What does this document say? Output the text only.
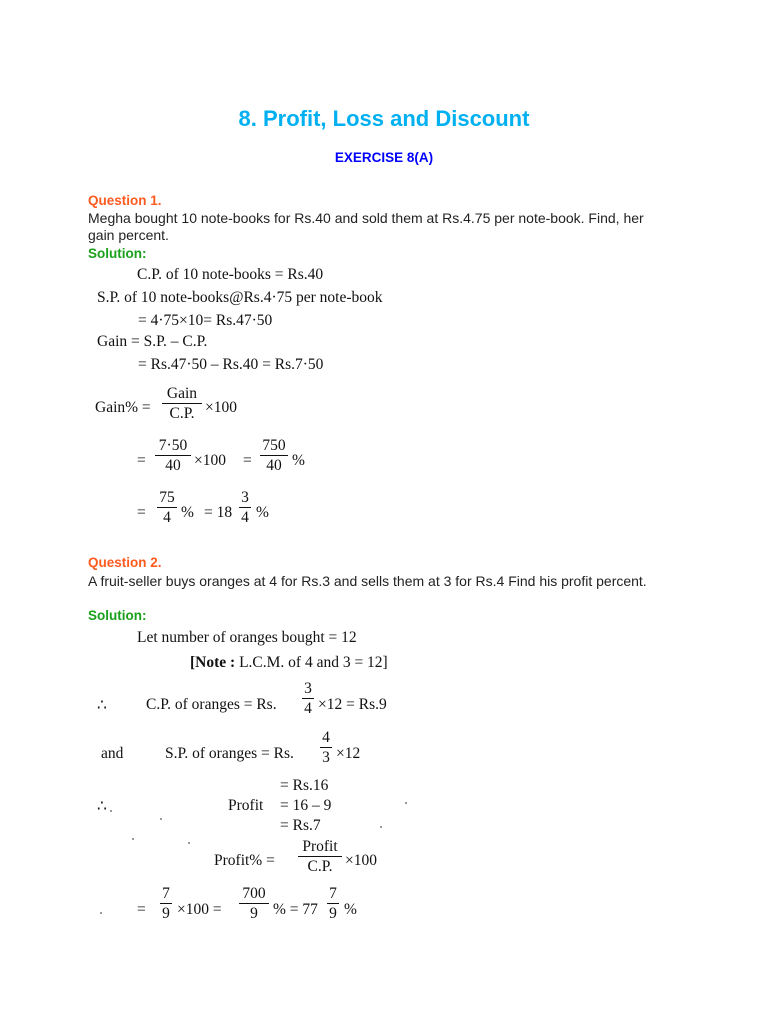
8. Profit, Loss and Discount
EXERCISE 8(A)
Question 1.
Megha bought 10 note-books for Rs.40 and sold them at Rs.4.75 per note-book. Find, her gain percent.
Solution:
C.P. of 10 note-books = Rs.40
S.P. of 10 note-books@Rs.4·75 per note-book
= 4·75×10= Rs.47·50
Gain = S.P. – C.P.
= Rs.47·50 – Rs.40 = Rs.7·50
Gain% =
Gain
C.P. ×100
=
7·50
40 ×100 =
750
40 %
=
75
4 % = 18
3
4 %
Question 2.
A fruit-seller buys oranges at 4 for Rs.3 and sells them at 3 for Rs.4 Find his profit percent.
Solution:
Let number of oranges bought = 12
[Note : L.C.M. of 4 and 3 = 12]
∴	C.P. of oranges = Rs.
3
4 ×12 = Rs.9
and	S.P. of oranges = Rs.
4
3 ×12
= Rs.16
∴	Profit = 16 – 9
= Rs.7
Profit% =
Profit
C.P. ×100
=
7
9 ×100 =
700
9 % = 77
7
9 %
